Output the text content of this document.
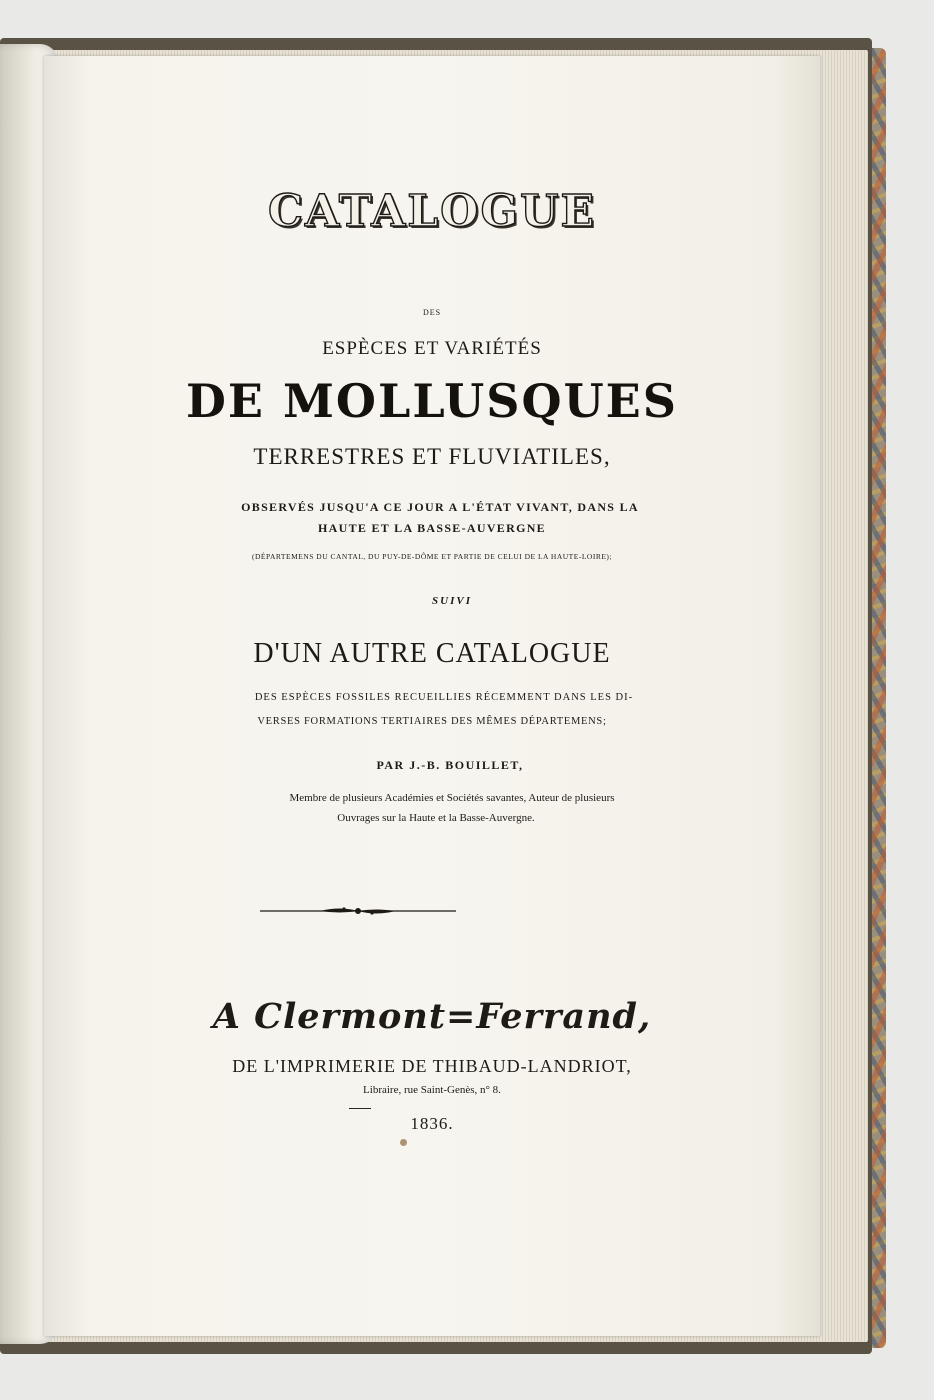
CATALOGUE
DES
ESPÈCES ET VARIÉTÉS
DE MOLLUSQUES
TERRESTRES ET FLUVIATILES,
OBSERVÉS JUSQU'A CE JOUR A L'ÉTAT VIVANT, DANS LA
HAUTE ET LA BASSE-AUVERGNE
(DÉPARTEMENS DU CANTAL, DU PUY-DE-DÔME ET PARTIE DE CELUI DE LA HAUTE-LOIRE);
SUIVI
D'UN AUTRE CATALOGUE
DES ESPÈCES FOSSILES RECUEILLIES RÉCEMMENT DANS LES DI-
VERSES FORMATIONS TERTIAIRES DES MÊMES DÉPARTEMENS;
PAR J.-B. BOUILLET,
Membre de plusieurs Académies et Sociétés savantes, Auteur de plusieurs
Ouvrages sur la Haute et la Basse-Auvergne.
A Clermont=Ferrand,
DE L'IMPRIMERIE DE THIBAUD-LANDRIOT,
Libraire, rue Saint-Genès, n° 8.
1836.
